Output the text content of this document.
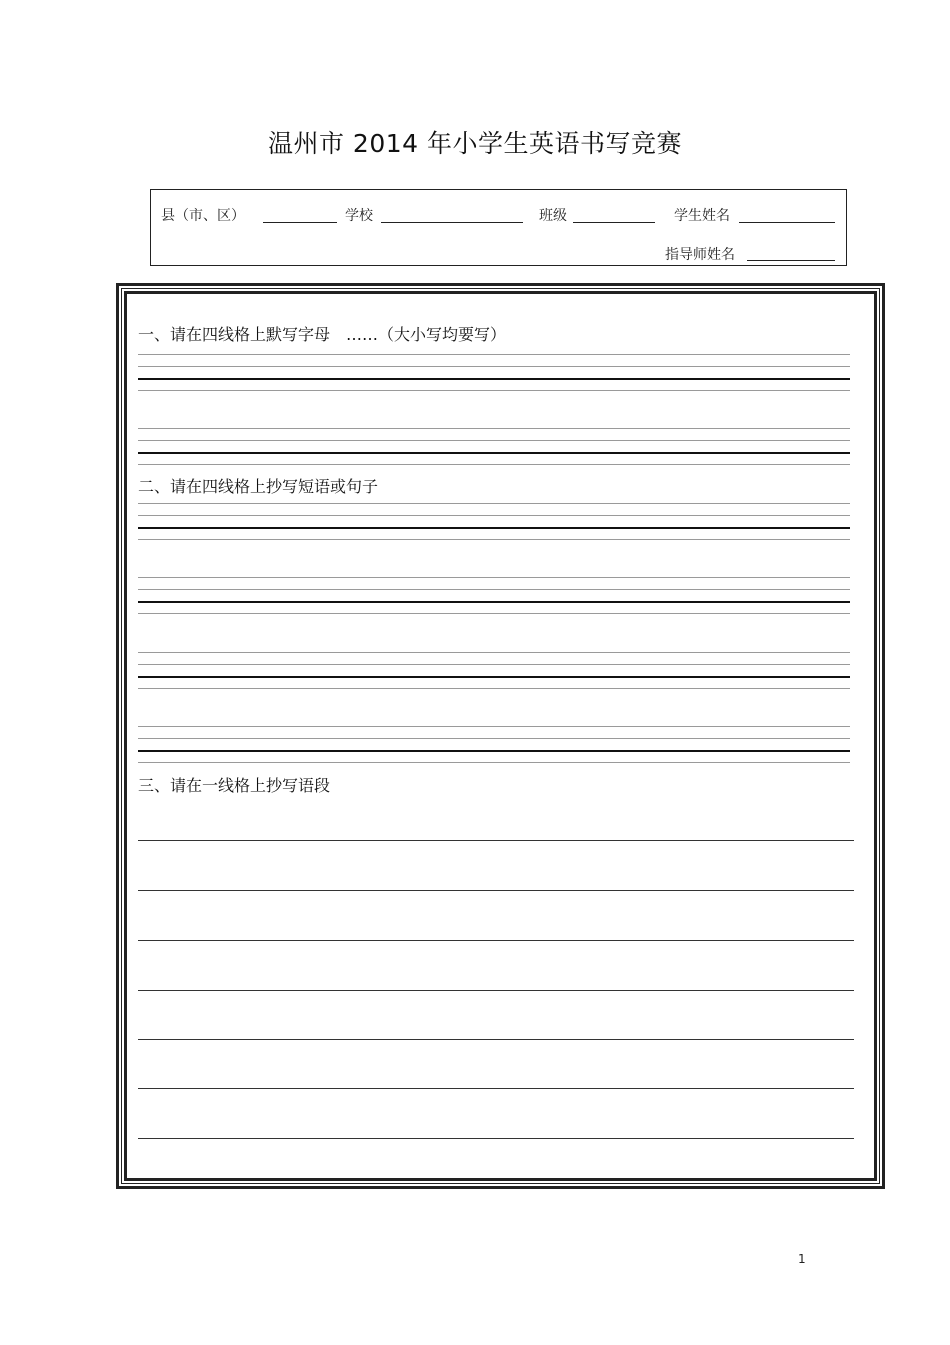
温州市 2014 年小学生英语书写竞赛
县（市、区）	学校	班级	学生姓名
指导师姓名
一、请在四线格上默写字母　……（大小写均要写）
二、请在四线格上抄写短语或句子
三、请在一线格上抄写语段
1
